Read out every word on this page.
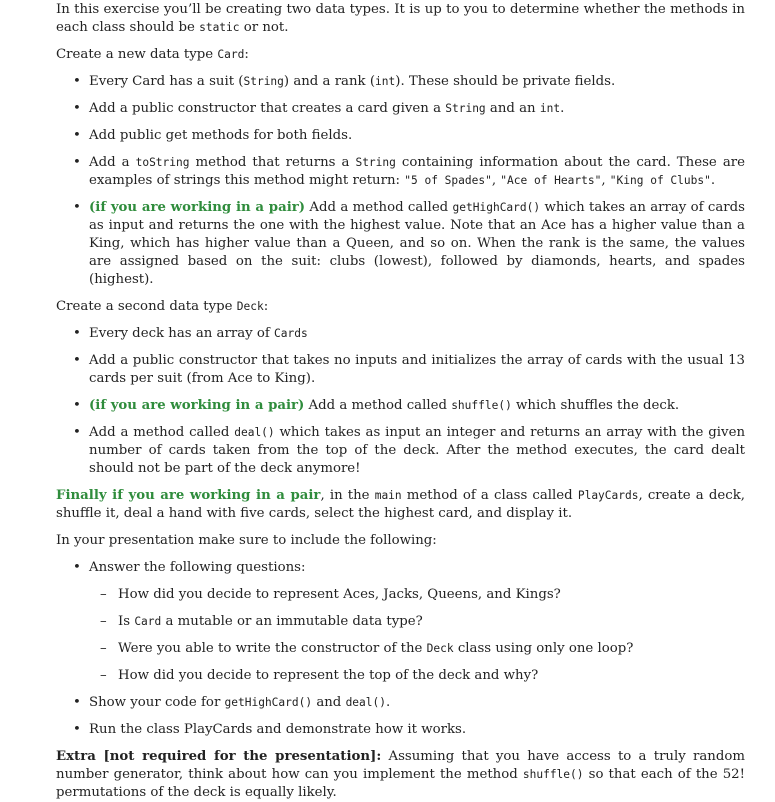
In this exercise you’ll be creating two data types. It is up to you to determine whether the methods in each class should be static or not.

Create a new data type Card:

• Every Card has a suit (String) and a rank (int). These should be private fields.
• Add a public constructor that creates a card given a String and an int.
• Add public get methods for both fields.
• Add a toString method that returns a String containing information about the card. These are examples of strings this method might return: "5 of Spades", "Ace of Hearts", "King of Clubs".
• (if you are working in a pair) Add a method called getHighCard() which takes an array of cards as input and returns the one with the highest value. Note that an Ace has a higher value than a King, which has higher value than a Queen, and so on. When the rank is the same, the values are assigned based on the suit: clubs (lowest), followed by diamonds, hearts, and spades (highest).

Create a second data type Deck:

• Every deck has an array of Cards
• Add a public constructor that takes no inputs and initializes the array of cards with the usual 13 cards per suit (from Ace to King).
• (if you are working in a pair) Add a method called shuffle() which shuffles the deck.
• Add a method called deal() which takes as input an integer and returns an array with the given number of cards taken from the top of the deck. After the method executes, the card dealt should not be part of the deck anymore!

Finally if you are working in a pair, in the main method of a class called PlayCards, create a deck, shuffle it, deal a hand with five cards, select the highest card, and display it.

In your presentation make sure to include the following:

• Answer the following questions:
– How did you decide to represent Aces, Jacks, Queens, and Kings?
– Is Card a mutable or an immutable data type?
– Were you able to write the constructor of the Deck class using only one loop?
– How did you decide to represent the top of the deck and why?
• Show your code for getHighCard() and deal().
• Run the class PlayCards and demonstrate how it works.

Extra [not required for the presentation]: Assuming that you have access to a truly random number generator, think about how can you implement the method shuffle() so that each of the 52! permutations of the deck is equally likely.
